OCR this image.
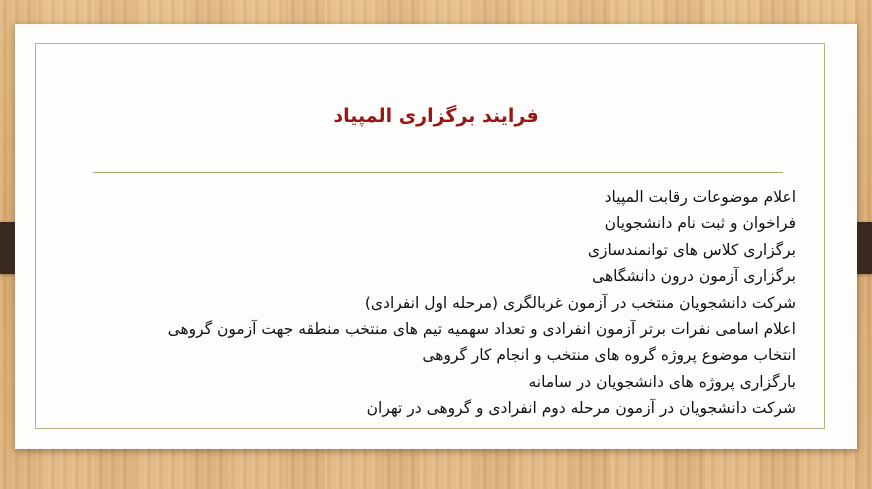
فرایند برگزاری المپیاد
اعلام موضوعات رقابت المپیاد
فراخوان و ثبت نام دانشجویان
برگزاری کلاس های توانمندسازی
برگزاری آزمون درون دانشگاهی
شرکت دانشجویان منتخب در آزمون غربالگری (مرحله اول انفرادی)
اعلام اسامی نفرات برتر آزمون انفرادی و تعداد سهمیه تیم های منتخب منطقه جهت آزمون گروهی
انتخاب موضوع پروژه گروه های منتخب و انجام کار گروهی
بارگزاری پروژه های دانشجویان در سامانه
شرکت دانشجویان در آزمون مرحله دوم انفرادی و گروهی در تهران
